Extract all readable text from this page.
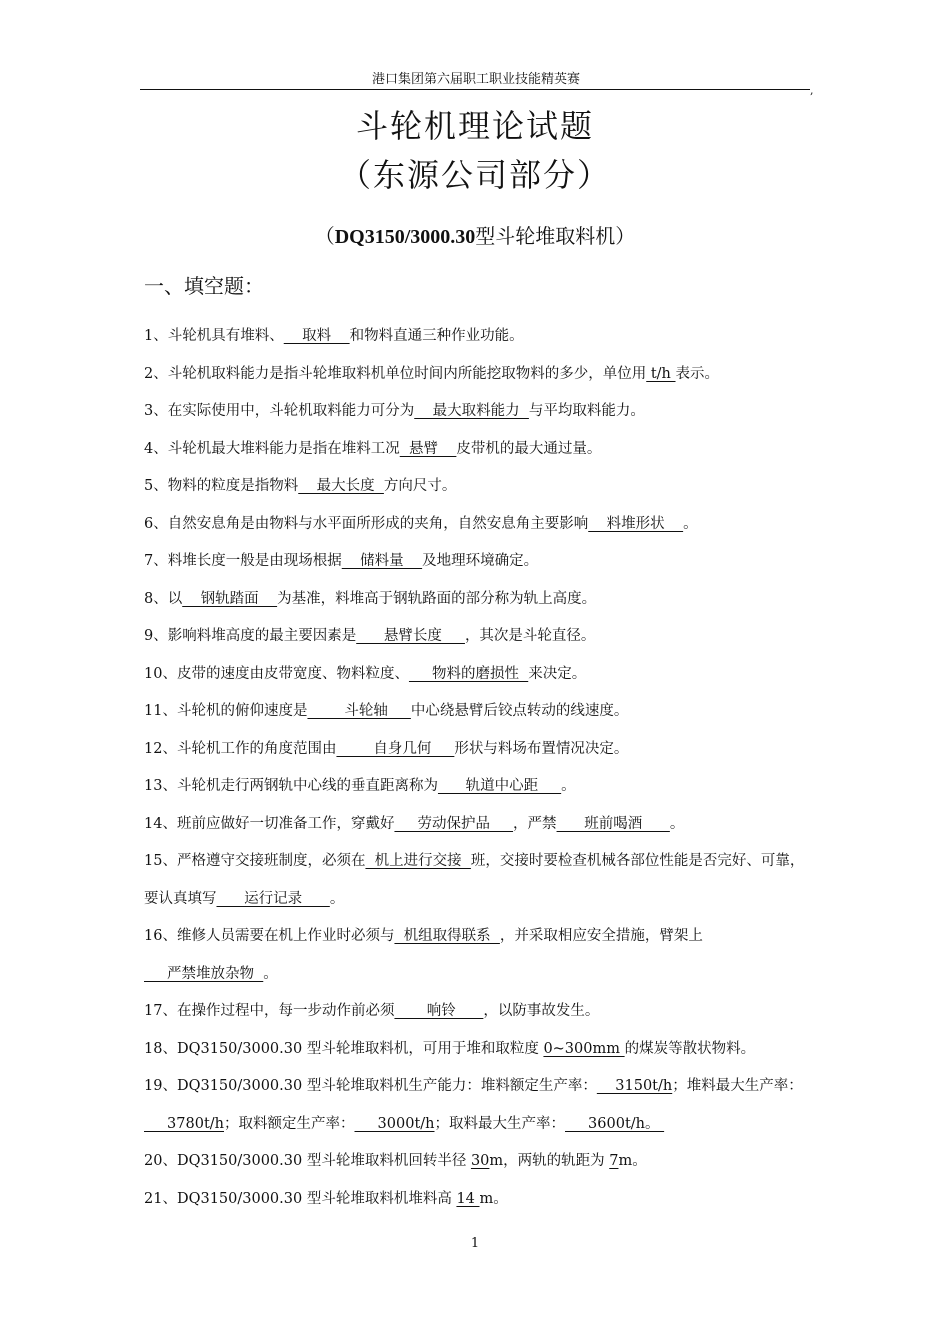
港口集团第六届职工职业技能精英赛
,
斗轮机理论试题
（东源公司部分）
（DQ3150/3000.30型斗轮堆取料机）
一、填空题：

1、斗轮机具有堆料、    取料    和物料直通三种作业功能。

2、斗轮机取料能力是指斗轮堆取料机单位时间内所能挖取物料的多少，单位用 t/h 表示。

3、在实际使用中，斗轮机取料能力可分为    最大取料能力  与平均取料能力。

4、斗轮机最大堆料能力是指在堆料工况  悬臂    皮带机的最大通过量。

5、物料的粒度是指物料    最大长度  方向尺寸。

6、自然安息角是由物料与水平面所形成的夹角，自然安息角主要影响    料堆形状    。

7、料堆长度一般是由现场根据    储料量    及地理环境确定。

8、以    钢轨踏面    为基准，料堆高于钢轨路面的部分称为轨上高度。

9、影响料堆高度的最主要因素是      悬臂长度     ，其次是斗轮直径。

10、皮带的速度由皮带宽度、物料粒度、     物料的磨损性  来决定。

11、斗轮机的俯仰速度是        斗轮轴     中心绕悬臂后铰点转动的线速度。

12、斗轮机工作的角度范围由        自身几何     形状与料场布置情况决定。

13、斗轮机走行两钢轨中心线的垂直距离称为      轨道中心距     。

14、班前应做好一切准备工作，穿戴好     劳动保护品     ，严禁      班前喝酒      。

15、严格遵守交接班制度，必须在  机上进行交接  班，交接时要检查机械各部位性能是否完好、可靠，要认真填写      运行记录      。

16、维修人员需要在机上作业时必须与  机组取得联系  ，并采取相应安全措施，臂架上     严禁堆放杂物  。

17、在操作过程中，每一步动作前必须       响铃      ，以防事故发生。

18、DQ3150/3000.30 型斗轮堆取料机，可用于堆和取粒度 0~300mm 的煤炭等散状物料。

19、DQ3150/3000.30 型斗轮堆取料机生产能力：堆料额定生产率：    3150t/h；堆料最大生产率：     3780t/h；取料额定生产率：     3000t/h；取料最大生产率：     3600t/h。

20、DQ3150/3000.30 型斗轮堆取料机回转半径 30m，两轨的轨距为 7m。

21、DQ3150/3000.30 型斗轮堆取料机堆料高 14 m。

1
